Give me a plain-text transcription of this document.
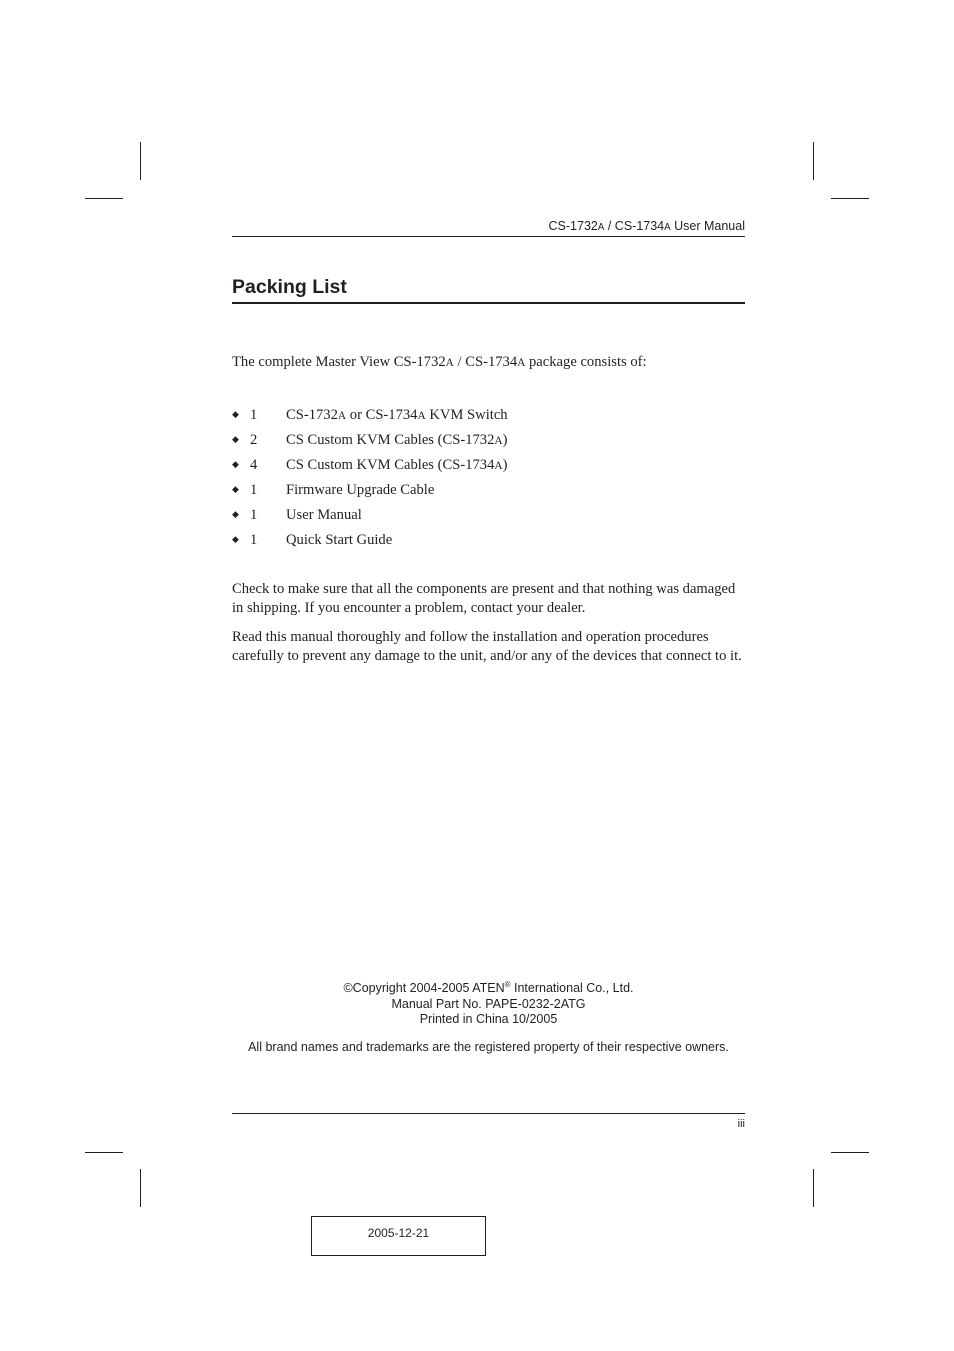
CS-1732A / CS-1734A User Manual
Packing List

The complete Master View CS-1732A / CS-1734A package consists of:

◆ 1	CS-1732A or CS-1734A KVM Switch
◆ 2	CS Custom KVM Cables (CS-1732A)
◆ 4	CS Custom KVM Cables (CS-1734A)
◆ 1	Firmware Upgrade Cable
◆ 1	User Manual
◆ 1	Quick Start Guide

Check to make sure that all the components are present and that nothing was damaged in shipping. If you encounter a problem, contact your dealer.

Read this manual thoroughly and follow the installation and operation procedures carefully to prevent any damage to the unit, and/or any of the devices that connect to it.

©Copyright 2004-2005 ATEN® International Co., Ltd.

Manual Part No. PAPE-0232-2ATG

Printed in China 10/2005

All brand names and trademarks are the registered property of their respective owners.
iii
2005-12-21
